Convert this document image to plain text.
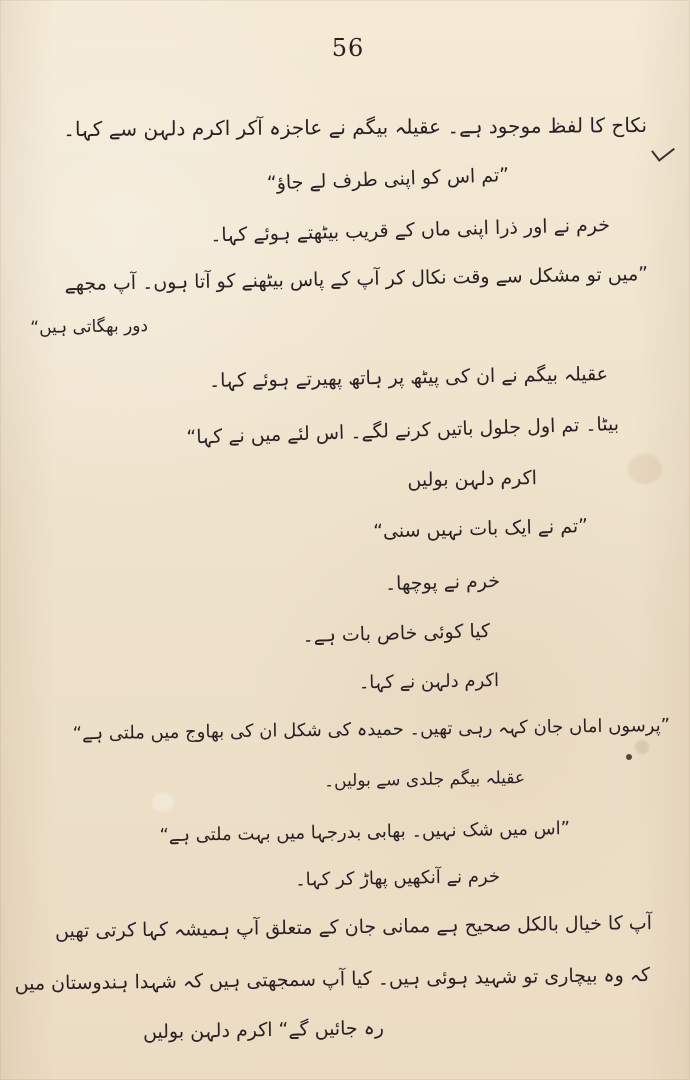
56
نکاح کا لفظ موجود ہے۔ عقیلہ بیگم نے عاجزہ آکر اکرم دلہن سے کہا۔
”تم اس کو اپنی طرف لے جاؤ“
خرم نے اور ذرا اپنی ماں کے قریب بیٹھتے ہوئے کہا۔
”میں تو مشکل سے وقت نکال کر آپ کے پاس بیٹھنے کو آتا ہوں۔ آپ مجھے
دور بھگاتی ہیں“
عقیلہ بیگم نے ان کی پیٹھ پر ہاتھ پھیرتے ہوئے کہا۔
بیٹا۔ تم اول جلول باتیں کرنے لگے۔ اس لئے میں نے کہا“
اکرم دلہن بولیں
”تم نے ایک بات نہیں سنی“
خرم نے پوچھا۔
کیا کوئی خاص بات ہے۔
اکرم دلہن نے کہا۔
”پرسوں اماں جان کہہ رہی تھیں۔ حمیدہ کی شکل ان کی بھاوج میں ملتی ہے“
عقیلہ بیگم جلدی سے بولیں۔
”اس میں شک نہیں۔ بھابی بدرجہا میں بہت ملتی ہے“
خرم نے آنکھیں پھاڑ کر کہا۔
آپ کا خیال بالکل صحیح ہے ممانی جان کے متعلق آپ ہمیشہ کہا کرتی تھیں
کہ وہ بیچاری تو شہید ہوئی ہیں۔ کیا آپ سمجھتی ہیں کہ شہدا ہندوستان میں
رہ جائیں گے“ اکرم دلہن بولیں
